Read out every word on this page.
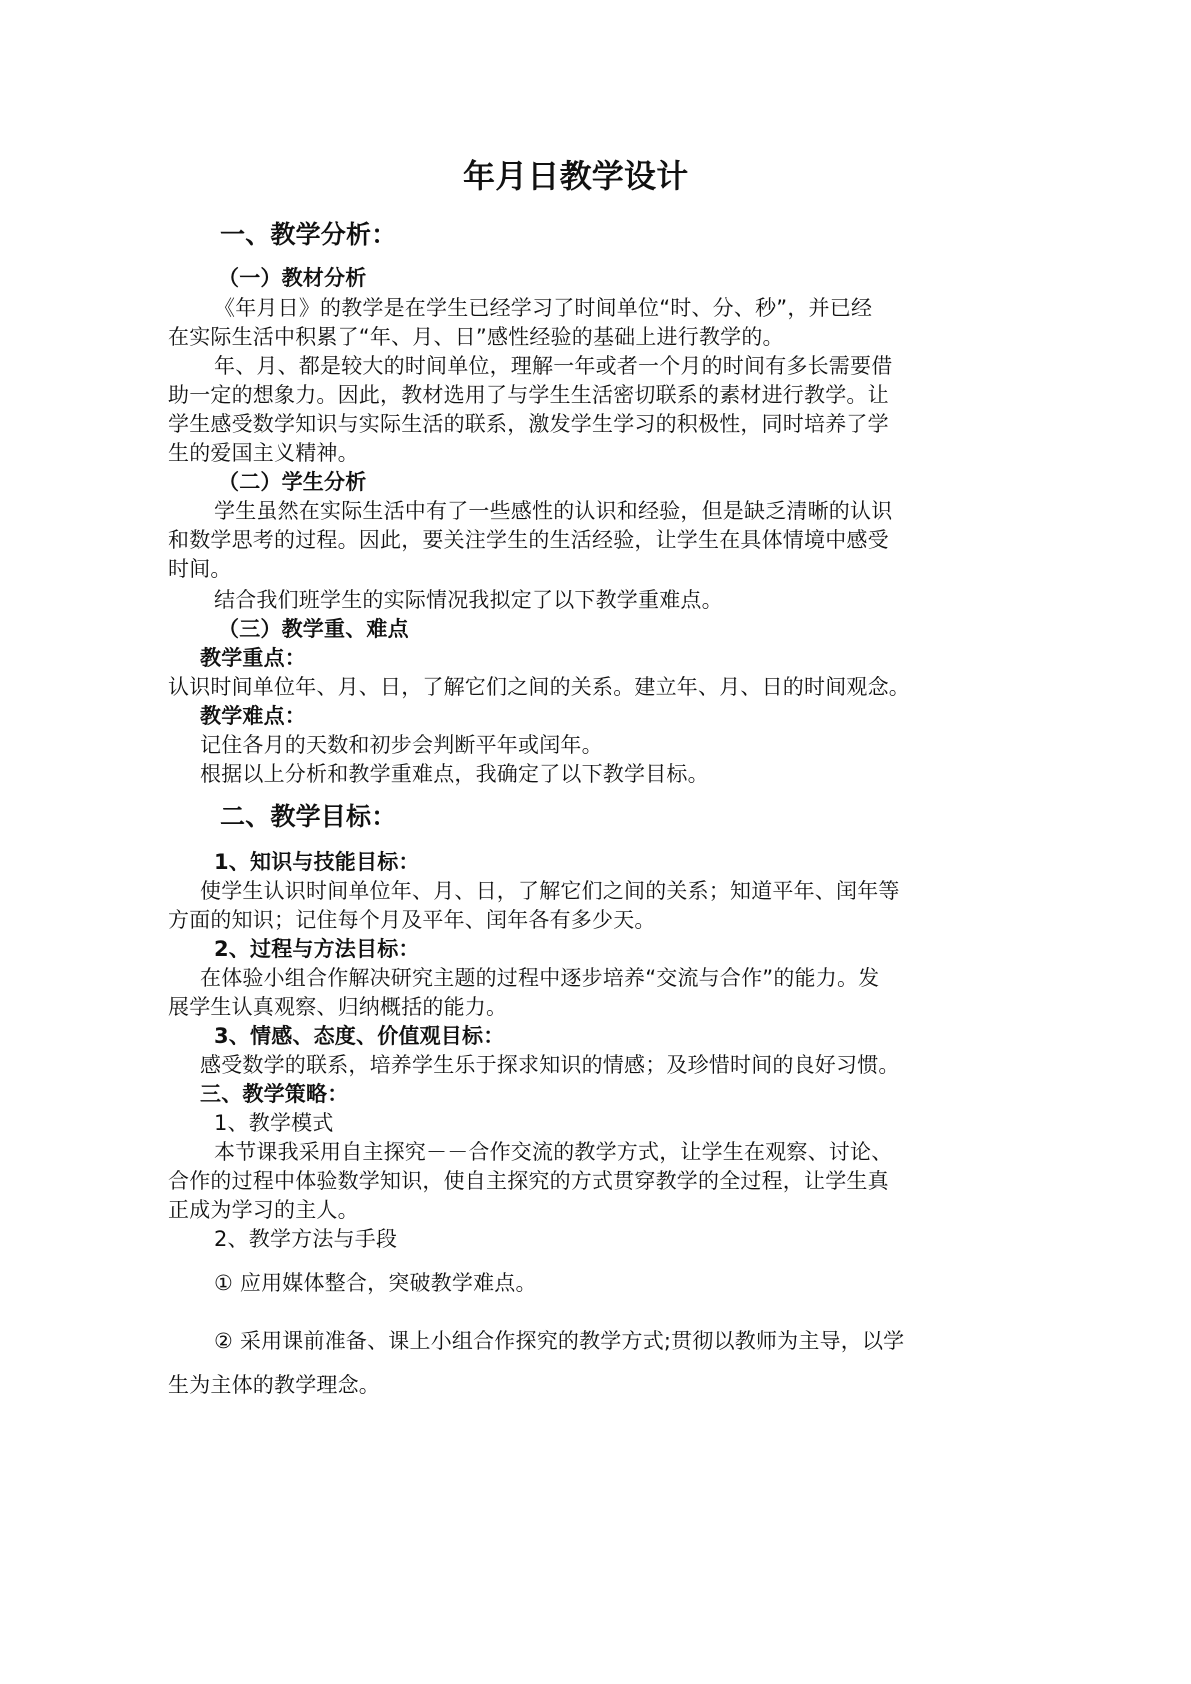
年月日教学设计
一、教学分析：
（一）教材分析
《年月日》的教学是在学生已经学习了时间单位“时、分、秒”，并已经
在实际生活中积累了“年、月、日”感性经验的基础上进行教学的。
年、月、都是较大的时间单位，理解一年或者一个月的时间有多长需要借
助一定的想象力。因此，教材选用了与学生生活密切联系的素材进行教学。让
学生感受数学知识与实际生活的联系，激发学生学习的积极性，同时培养了学
生的爱国主义精神。
（二）学生分析
学生虽然在实际生活中有了一些感性的认识和经验，但是缺乏清晰的认识
和数学思考的过程。因此，要关注学生的生活经验，让学生在具体情境中感受
时间。
结合我们班学生的实际情况我拟定了以下教学重难点。
（三）教学重、难点
教学重点：
认识时间单位年、月、日，了解它们之间的关系。建立年、月、日的时间观念。
教学难点：
记住各月的天数和初步会判断平年或闰年。
根据以上分析和教学重难点，我确定了以下教学目标。
二、教学目标：
1、知识与技能目标：
使学生认识时间单位年、月、日，了解它们之间的关系；知道平年、闰年等
方面的知识；记住每个月及平年、闰年各有多少天。
2、过程与方法目标：
在体验小组合作解决研究主题的过程中逐步培养“交流与合作”的能力。发
展学生认真观察、归纳概括的能力。
3、情感、态度、价值观目标：
感受数学的联系，培养学生乐于探求知识的情感；及珍惜时间的良好习惯。
三、教学策略：
1、教学模式
本节课我采用自主探究－－合作交流的教学方式，让学生在观察、讨论、
合作的过程中体验数学知识，使自主探究的方式贯穿教学的全过程，让学生真
正成为学习的主人。
2、教学方法与手段
① 应用媒体整合，突破教学难点。
② 采用课前准备、课上小组合作探究的教学方式;贯彻以教师为主导，以学
生为主体的教学理念。
